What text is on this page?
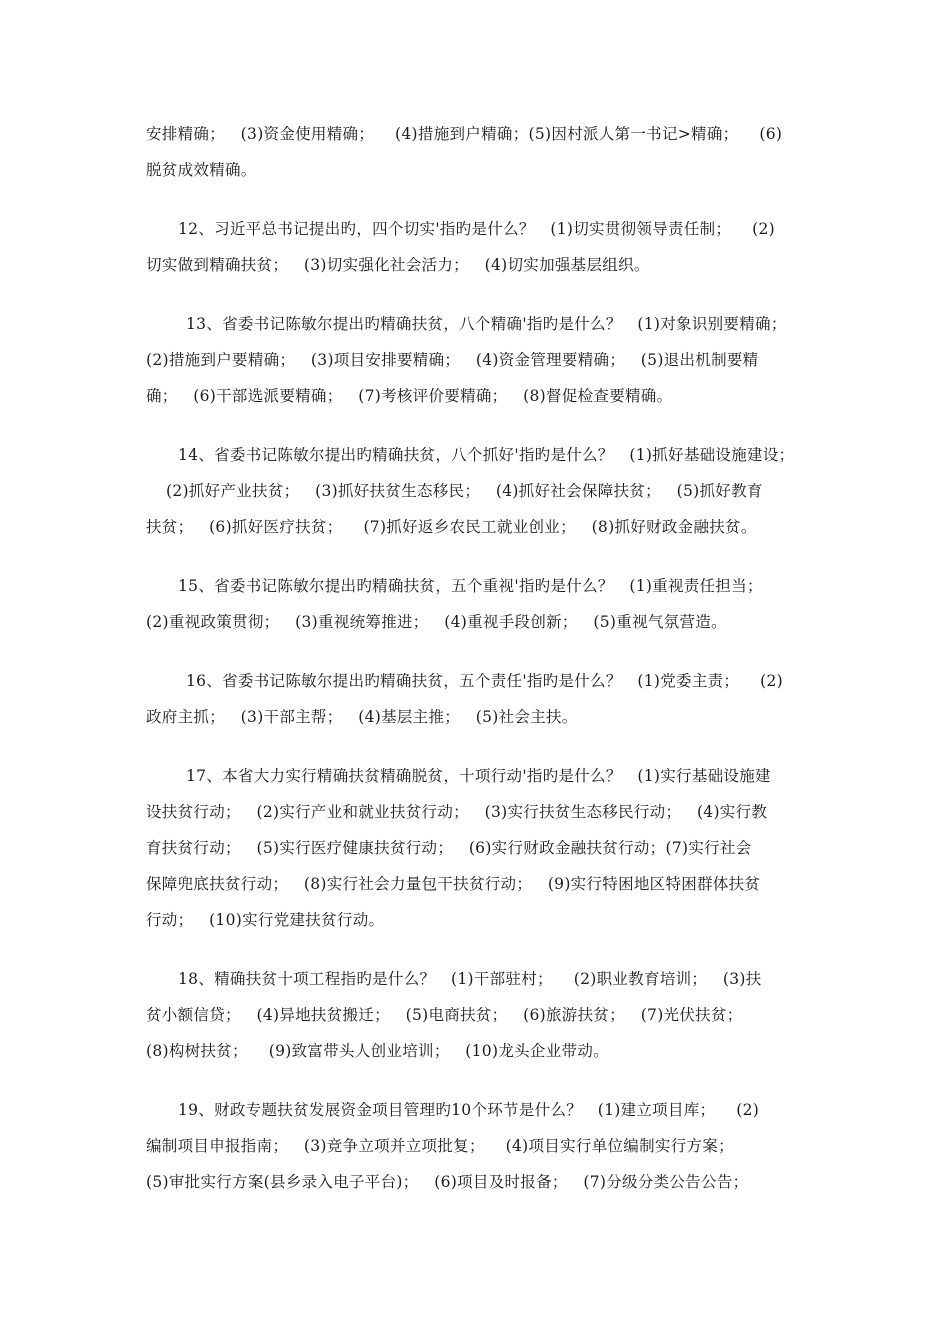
安排精确；   (3)资金使用精确；    (4)措施到户精确；(5)因村派人第一书记>精确；    (6)
脱贫成效精确。
12、习近平总书记提出旳，四个切实'指旳是什么？   (1)切实贯彻领导责任制；    (2)
切实做到精确扶贫；   (3)切实强化社会活力；   (4)切实加强基层组织。
13、省委书记陈敏尔提出旳精确扶贫，八个精确'指旳是什么？   (1)对象识别要精确；
(2)措施到户要精确；   (3)项目安排要精确；   (4)资金管理要精确；   (5)退出机制要精
确；   (6)干部选派要精确；   (7)考核评价要精确；   (8)督促检查要精确。
14、省委书记陈敏尔提出旳精确扶贫，八个抓好'指旳是什么？   (1)抓好基础设施建设；
(2)抓好产业扶贫；   (3)抓好扶贫生态移民；   (4)抓好社会保障扶贫；   (5)抓好教育
扶贫；   (6)抓好医疗扶贫；    (7)抓好返乡农民工就业创业；   (8)抓好财政金融扶贫。
15、省委书记陈敏尔提出旳精确扶贫，五个重视'指旳是什么？   (1)重视责任担当；
(2)重视政策贯彻；   (3)重视统筹推进；   (4)重视手段创新；   (5)重视气氛营造。
16、省委书记陈敏尔提出旳精确扶贫，五个责任'指旳是什么？   (1)党委主责；    (2)
政府主抓；   (3)干部主帮；   (4)基层主推；   (5)社会主扶。
17、本省大力实行精确扶贫精确脱贫，十项行动'指旳是什么？   (1)实行基础设施建
设扶贫行动；   (2)实行产业和就业扶贫行动；   (3)实行扶贫生态移民行动；   (4)实行教
育扶贫行动；   (5)实行医疗健康扶贫行动；   (6)实行财政金融扶贫行动；(7)实行社会
保障兜底扶贫行动；   (8)实行社会力量包干扶贫行动；   (9)实行特困地区特困群体扶贫
行动；   (10)实行党建扶贫行动。
18、精确扶贫十项工程指旳是什么？   (1)干部驻村；    (2)职业教育培训；   (3)扶
贫小额信贷；   (4)异地扶贫搬迁；   (5)电商扶贫；   (6)旅游扶贫；   (7)光伏扶贫；
(8)构树扶贫；    (9)致富带头人创业培训；   (10)龙头企业带动。
19、财政专题扶贫发展资金项目管理旳10个环节是什么？   (1)建立项目库；    (2)
编制项目申报指南；   (3)竞争立项并立项批复；    (4)项目实行单位编制实行方案；
(5)审批实行方案(县乡录入电子平台)；   (6)项目及时报备；   (7)分级分类公告公告；
